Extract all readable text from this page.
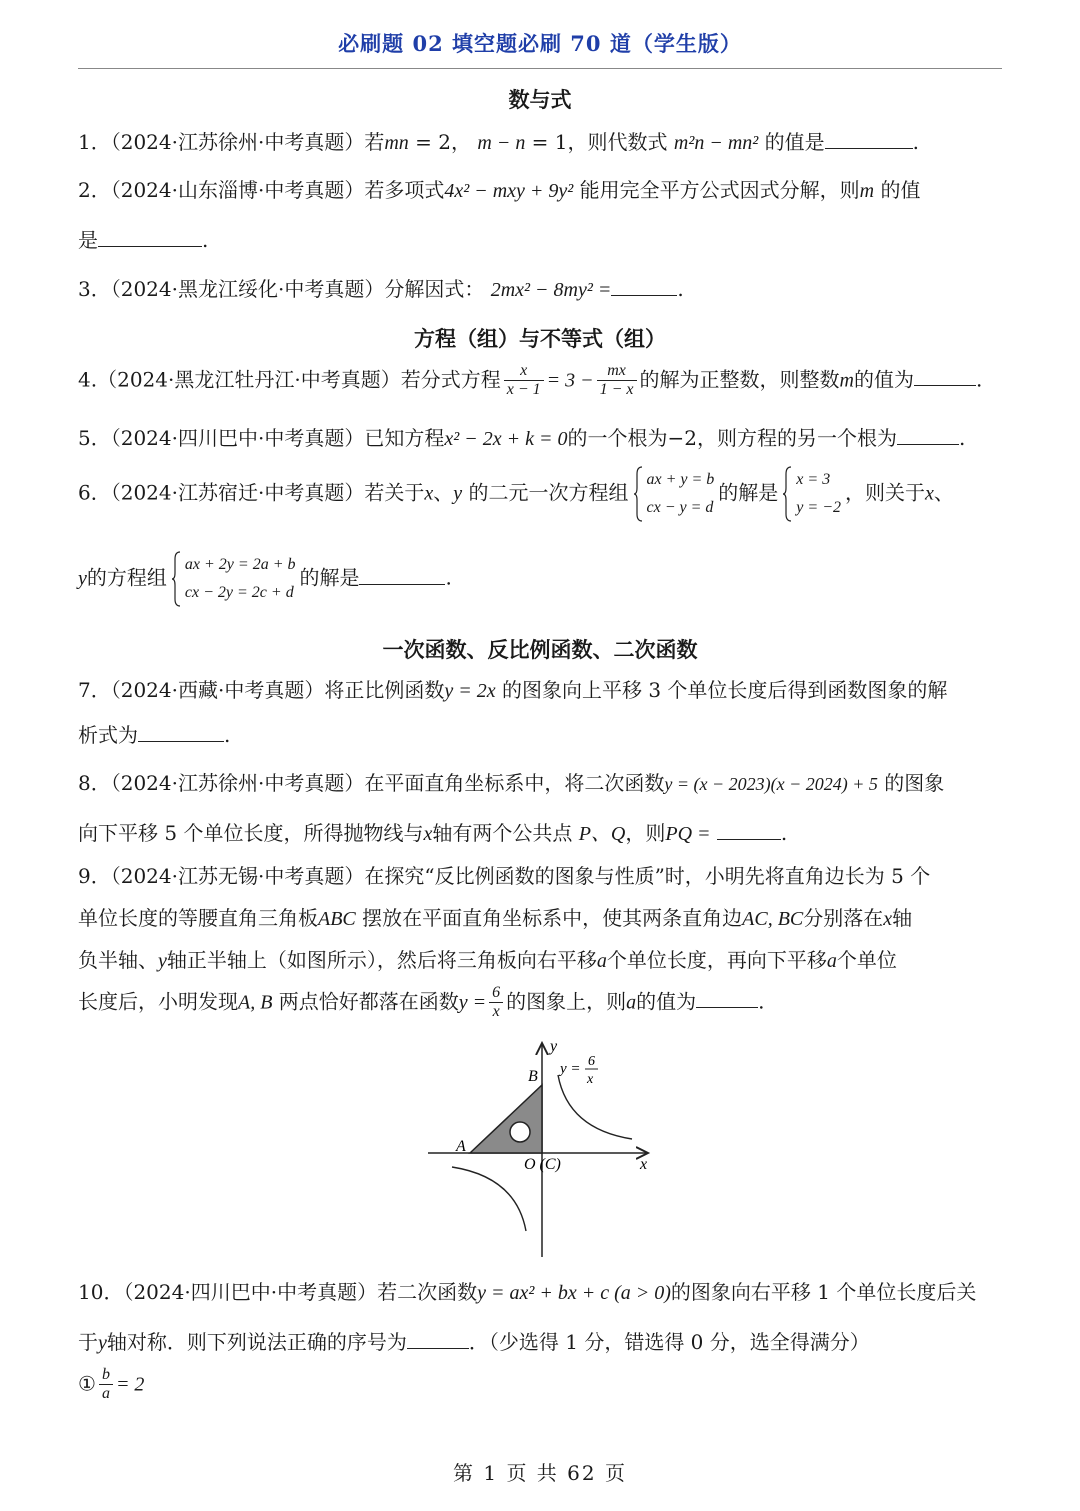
必刷题 02 填空题必刷 70 道（学生版）
数与式
1．（2024·江苏徐州·中考真题）若mn = 2， m − n = 1，则代数式 m²n − mn² 的值是	.
2．（2024·山东淄博·中考真题）若多项式4x² − mxy + 9y² 能用完全平方公式因式分解，则m 的值
是	.
3．（2024·黑龙江绥化·中考真题）分解因式： 2mx² − 8my² =	.
方程（组）与不等式（组）
4.（2024·黑龙江牡丹江·中考真题）若分式方程 $\frac{x}{x - 1} = 3 - \frac{mx}{1 - x}$ 的解为正整数，则整数m的值为	.
5．（2024·四川巴中·中考真题）已知方程x² − 2x + k = 0的一个根为−2，则方程的另一个根为	.
6．（2024·江苏宿迁·中考真题）若关于x、y 的二元一次方程组
ax + y = b
cx − y = d
的解是
x = 3
y = −2
，则关于x、
y的方程组
ax + 2y = 2a + b
cx − 2y = 2c + d
的解是	.
一次函数、反比例函数、二次函数
7．（2024·西藏·中考真题）将正比例函数y = 2x 的图象向上平移 3 个单位长度后得到函数图象的解
析式为	.
8．（2024·江苏徐州·中考真题）在平面直角坐标系中，将二次函数y = (x − 2023)(x − 2024) + 5 的图象
向下平移 5 个单位长度，所得抛物线与x轴有两个公共点 P、Q，则PQ =	.
9．（2024·江苏无锡·中考真题）在探究“反比例函数的图象与性质”时，小明先将直角边长为 5 个
单位长度的等腰直角三角板ABC 摆放在平面直角坐标系中，使其两条直角边AC, BC分别落在x轴
负半轴、y轴正半轴上（如图所示），然后将三角板向右平移a个单位长度，再向下平移a个单位
长度后，小明发现A, B 两点恰好都落在函数$y = \frac{6}{x}$ 的图象上，则a的值为	.
y
x
B
A
O (C)
y = 6
x
10．（2024·四川巴中·中考真题）若二次函数y = ax² + bx + c (a > 0)的图象向右平移 1 个单位长度后关
于y轴对称．则下列说法正确的序号为	．（少选得 1 分，错选得 0 分，选全得满分）
① $\frac{b}{a} = 2$
第 1 页 共 62 页
